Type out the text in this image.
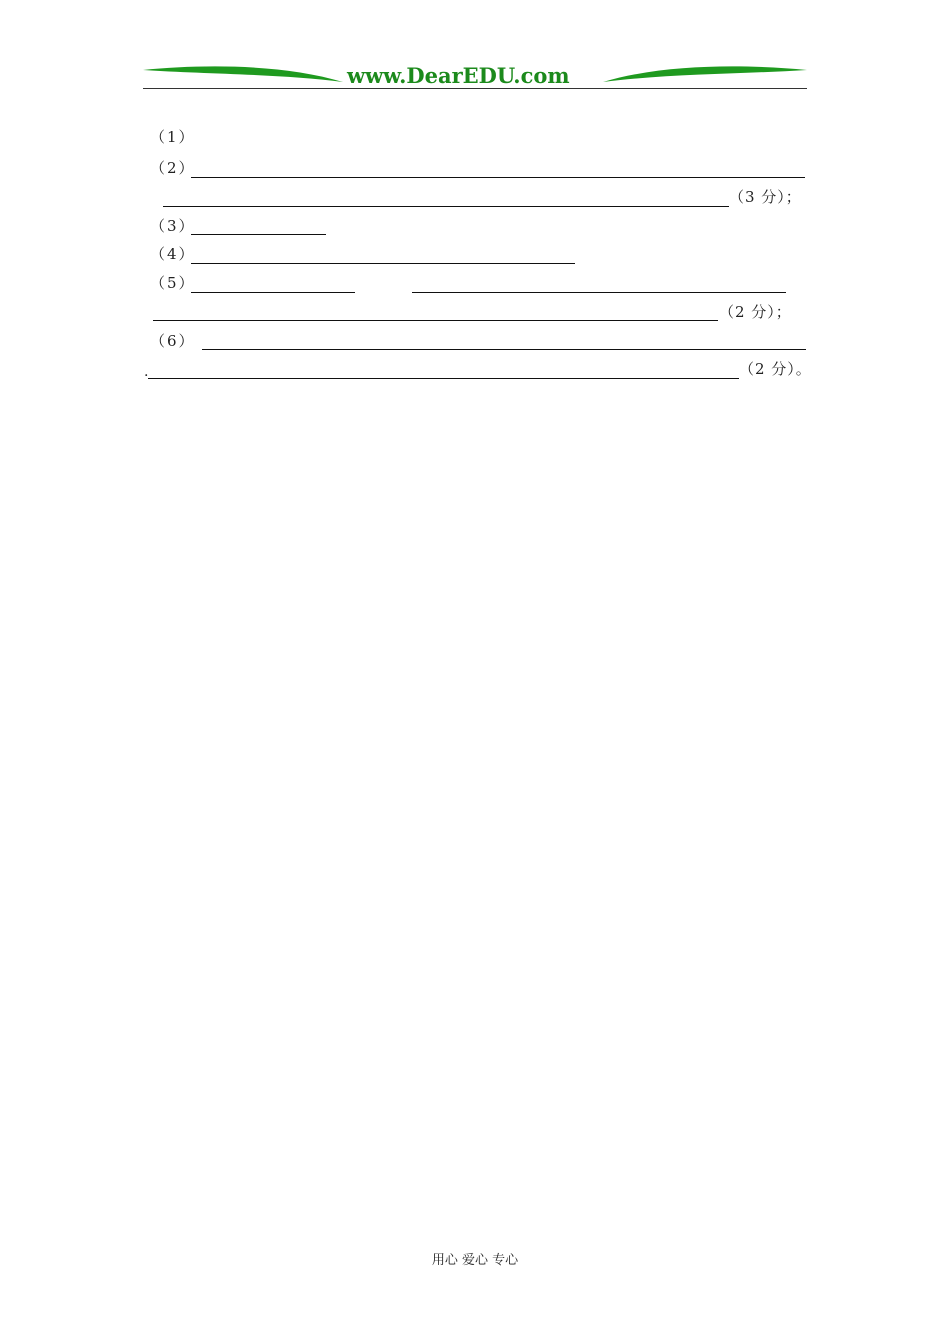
www.DearEDU.com
（1）
（2）
（3 分）；
（3）
（4）
（5）
（2 分）；
（6）
.	（2 分）。
用心 爱心 专心
